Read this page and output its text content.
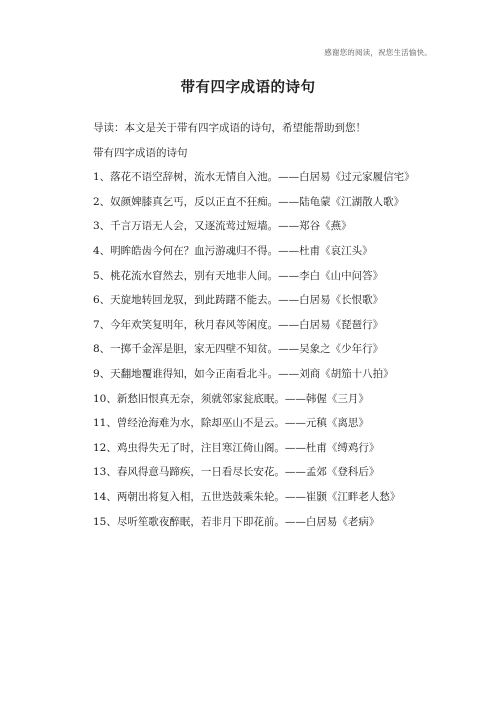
感谢您的阅读，祝您生活愉快。
带有四字成语的诗句

导读：本文是关于带有四字成语的诗句，希望能帮助到您！

带有四字成语的诗句

1、落花不语空辞树，流水无情自入池。——白居易《过元家履信宅》

2、奴颜婢膝真乞丐，反以正直不狂痴。——陆龟蒙《江湖散人歌》

3、千言万语无人会，又逐流莺过短墙。——郑谷《燕》

4、明眸皓齿今何在？血污游魂归不得。——杜甫《哀江头》

5、桃花流水窅然去，别有天地非人间。——李白《山中问答》

6、天旋地转回龙驭，到此踌躇不能去。——白居易《长恨歌》

7、今年欢笑复明年，秋月春风等闲度。——白居易《琵琶行》

8、一掷千金浑是胆，家无四壁不知贫。——吴象之《少年行》

9、天翻地覆谁得知，如今正南看北斗。——刘商《胡笳十八拍》

10、新愁旧恨真无奈，须就邻家瓮底眠。——韩偓《三月》

11、曾经沧海难为水，除却巫山不是云。——元稹《离思》

12、鸡虫得失无了时，注目寒江倚山阁。——杜甫《缚鸡行》

13、春风得意马蹄疾，一日看尽长安花。——孟郊《登科后》

14、两朝出将复入相，五世迭鼓乘朱轮。——崔颢《江畔老人愁》

15、尽听笙歌夜醉眠，若非月下即花前。——白居易《老病》
